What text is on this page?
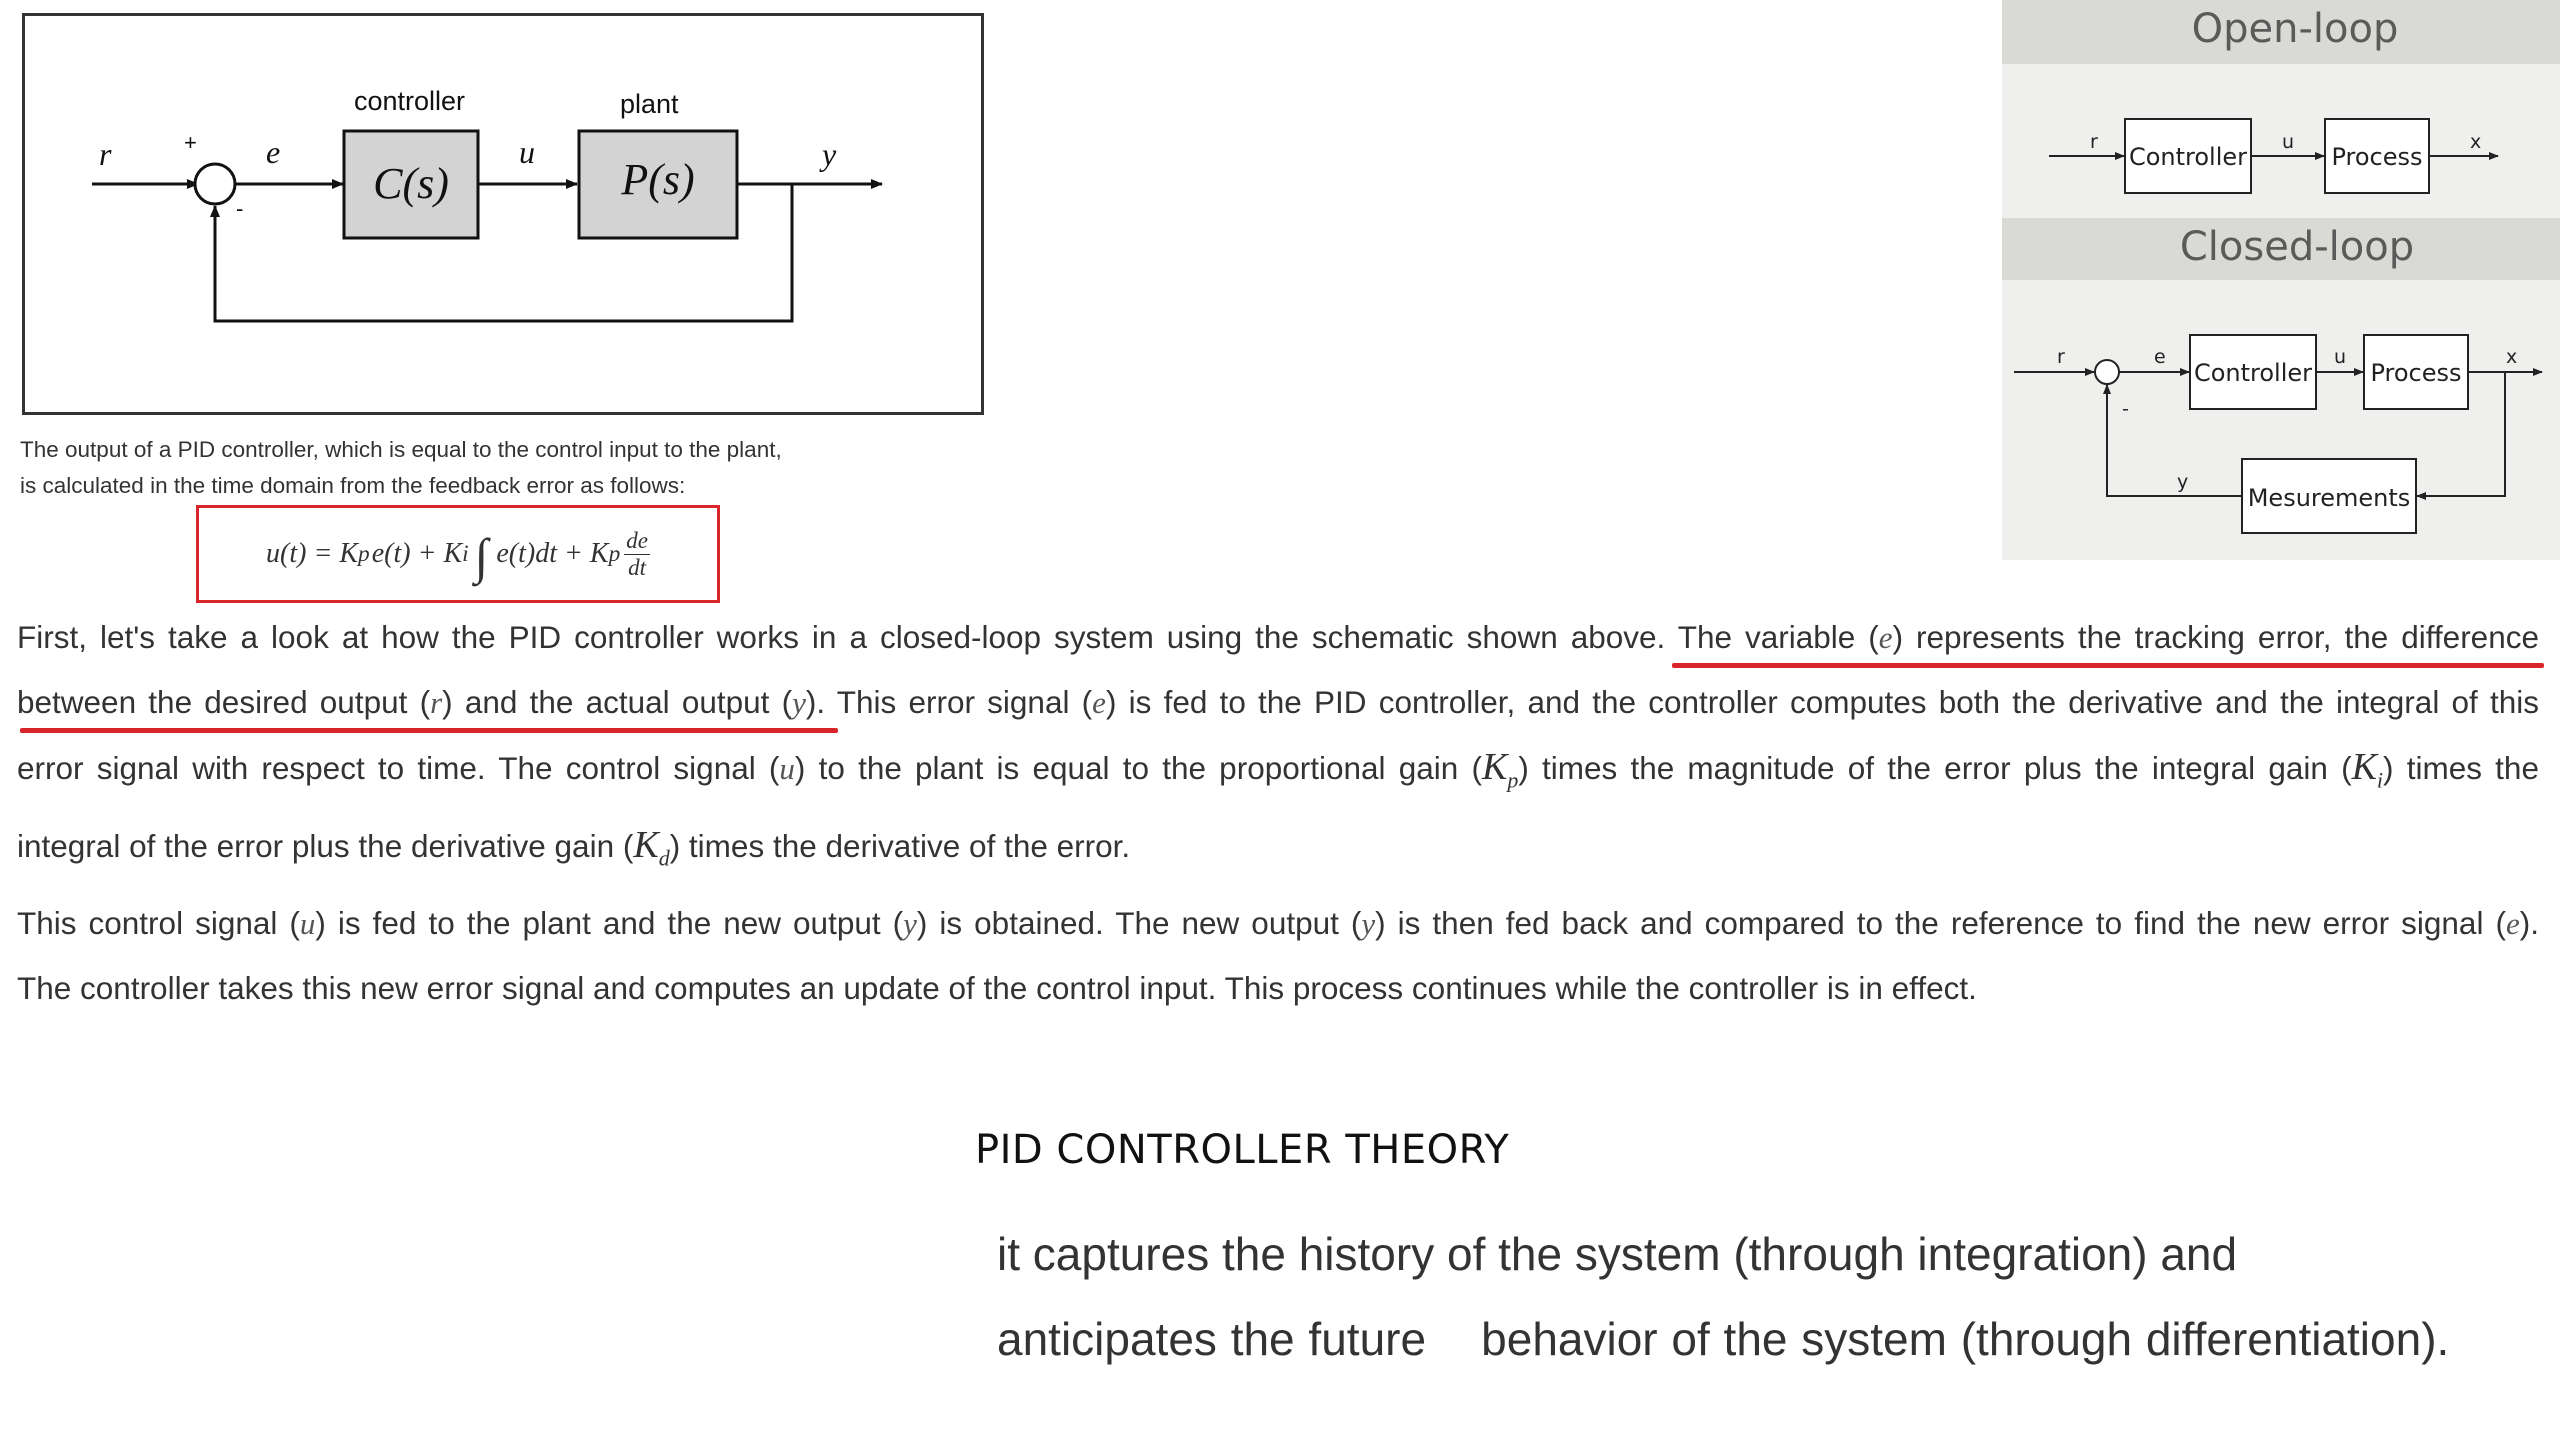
controller	plant
C(s)	P(s)
r	+
-
e	u	y
The output of a PID controller, which is equal to the control input to the plant,
is calculated in the time domain from the feedback error as follows:
u(t) = K p e(t) + K i ∫ e(t)dt + K p $\frac{de}{dt}$
Open-loop
Closed-loop
Controller	Process
r	u	x
Controller Process
Mesurements
r	e	u	x
-
y
First, let's take a look at how the PID controller works in a closed-loop system using the schematic shown above. The variable (e) represents the tracking error, the difference
between the desired output (r) and the actual output (y). This error signal (e) is fed to the PID controller, and the controller computes both the derivative and the integral of this
error signal with respect to time. The control signal (u) to the plant is equal to the proportional gain $(K_p)$ times the magnitude of the error plus the integral gain $(K_i)$ times the
integral of the error plus the derivative gain $(K_d)$ times the derivative of the error.
This control signal (u) is fed to the plant and the new output (y) is obtained. The new output (y) is then fed back and compared to the reference to find the new error signal (e).
The controller takes this new error signal and computes an update of the control input. This process continues while the controller is in effect.
PID CONTROLLER THEORY
it captures the history of the system (through integration) and
anticipates the future    behavior of the system (through differentiation).
